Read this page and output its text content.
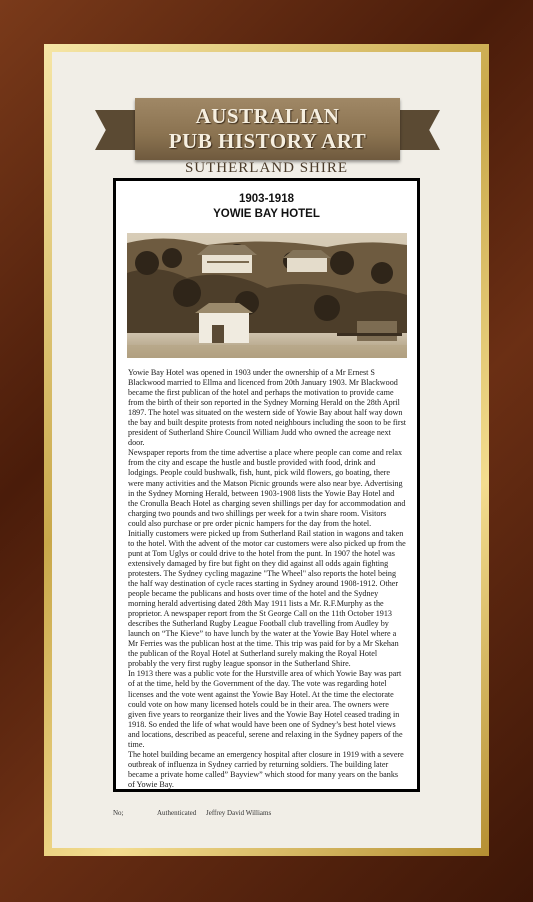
AUSTRALIAN
PUB HISTORY ART
SUTHERLAND SHIRE
1903-1918
YOWIE BAY HOTEL

Yowie Bay Hotel was opened in 1903 under the ownership of a Mr Ernest S Blackwood married to Ellma and licenced from 20th January 1903. Mr Blackwood became the first publican of the hotel and perhaps the motivation to provide came from the birth of their son reported in the Sydney Morning Herald on the 28th April 1897. The hotel was situated on the western side of Yowie Bay about half way down the bay and built despite protests from noted neighbours including the soon to be first president of Sutherland Shire Council William Judd who owned the acreage next door.

Newspaper reports from the time advertise a place where people can come and relax from the city and escape the hustle and bustle provided with food, drink and lodgings. People could bushwalk, fish, hunt, pick wild flowers, go boating, there were many activities and the Matson Picnic grounds were also near bye. Advertising in the Sydney Morning Herald, between 1903-1908 lists the Yowie Bay Hotel and the Cronulla Beach Hotel as charging seven shillings per day for accommodation and charging two pounds and two shillings per week for a twin share room. Visitors could also purchase or pre order picnic hampers for the day from the hotel.

Initially customers were picked up from Sutherland Rail station in wagons and taken to the hotel. With the advent of the motor car customers were also picked up from the punt at Tom Uglys or could drive to the hotel from the punt. In 1907 the hotel was extensively damaged by fire but fight on they did against all odds again fighting protesters. The Sydney cycling magazine "The Wheel" also reports the hotel being the half way destination of cycle races starting in Sydney around 1908-1912. Other people became the publicans and hosts over time of the hotel and the Sydney morning herald advertising dated 28th May 1911 lists a Mr. R.F.Murphy as the proprietor. A newspaper report from the St George Call on the 11th October 1913 describes the Sutherland Rugby League Football club travelling from Audley by launch on “The Kieve” to have lunch by the water at the Yowie Bay Hotel where a Mr Ferries was the publican host at the time. This trip was paid for by a Mr Skehan the publican of the Royal Hotel at Sutherland surely making the Royal Hotel probably the very first rugby league sponsor in the Sutherland Shire.

In 1913 there was a public vote for the Hurstville area of which Yowie Bay was part of at the time, held by the Government of the day. The vote was regarding hotel licenses and the vote went against the Yowie Bay Hotel. At the time the electorate could vote on how many licensed hotels could be in their area. The owners were given five years to reorganize their lives and the Yowie Bay Hotel ceased trading in 1918. So ended the life of what would have been one of Sydney’s best hotel views and locations, described as peaceful, serene and relaxing in the Sydney papers of the time.

The hotel building became an emergency hospital after closure in 1919 with a severe outbreak of influenza in Sydney carried by returning soldiers. The building later became a private home called” Bayview” which stood for many years on the banks of Yowie Bay.

No;	Authenticated Jeffrey David Williams
